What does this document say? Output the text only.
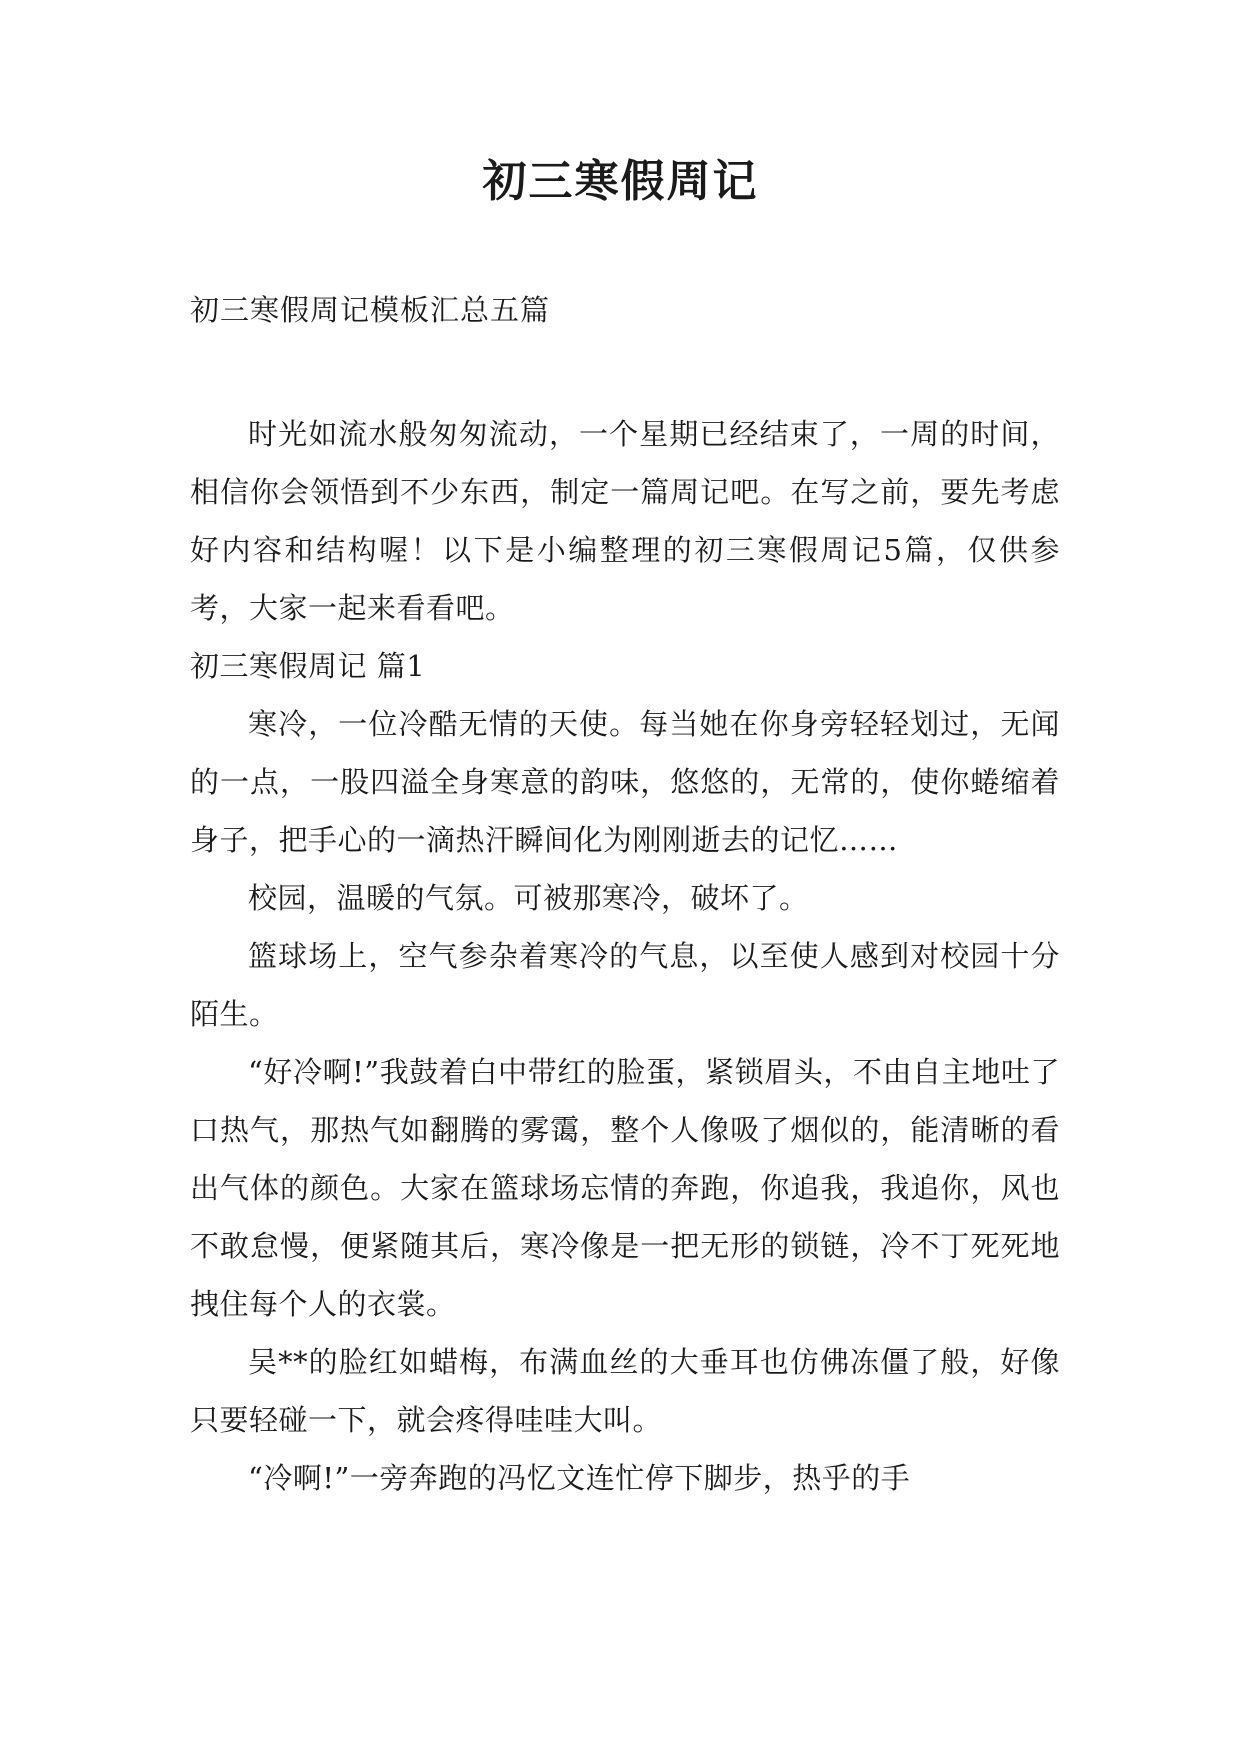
初三寒假周记
初三寒假周记模板汇总五篇

时光如流水般匆匆流动，一个星期已经结束了，一周的时间，相信你会领悟到不少东西，制定一篇周记吧。在写之前，要先考虑好内容和结构喔！以下是小编整理的初三寒假周记5篇，仅供参考，大家一起来看看吧。

初三寒假周记 篇1

寒冷，一位冷酷无情的天使。每当她在你身旁轻轻划过，无闻的一点，一股四溢全身寒意的韵味，悠悠的，无常的，使你蜷缩着身子，把手心的一滴热汗瞬间化为刚刚逝去的记忆……

校园，温暖的气氛。可被那寒冷，破坏了。

篮球场上，空气参杂着寒冷的气息，以至使人感到对校园十分陌生。

“好冷啊!”我鼓着白中带红的脸蛋，紧锁眉头，不由自主地吐了口热气，那热气如翻腾的雾霭，整个人像吸了烟似的，能清晰的看出气体的颜色。大家在篮球场忘情的奔跑，你追我，我追你，风也不敢怠慢，便紧随其后，寒冷像是一把无形的锁链，冷不丁死死地拽住每个人的衣裳。

吴**的脸红如蜡梅，布满血丝的大垂耳也仿佛冻僵了般，好像只要轻碰一下，就会疼得哇哇大叫。

“冷啊!”一旁奔跑的冯忆文连忙停下脚步，热乎的手
